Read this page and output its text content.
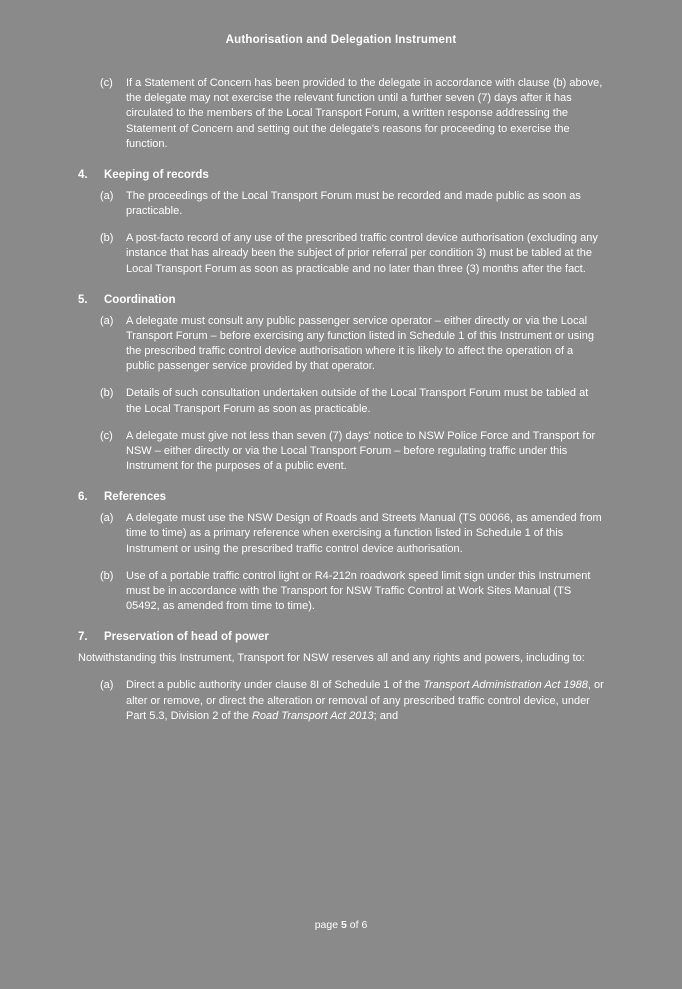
Authorisation and Delegation Instrument
(c)	If a Statement of Concern has been provided to the delegate in accordance with clause (b) above, the delegate may not exercise the relevant function until a further seven (7) days after it has circulated to the members of the Local Transport Forum, a written response addressing the Statement of Concern and setting out the delegate's reasons for proceeding to exercise the function.
4.	Keeping of records
(a)	The proceedings of the Local Transport Forum must be recorded and made public as soon as practicable.
(b)	A post-facto record of any use of the prescribed traffic control device authorisation (excluding any instance that has already been the subject of prior referral per condition 3) must be tabled at the Local Transport Forum as soon as practicable and no later than three (3) months after the fact.
5.	Coordination
(a)	A delegate must consult any public passenger service operator – either directly or via the Local Transport Forum – before exercising any function listed in Schedule 1 of this Instrument or using the prescribed traffic control device authorisation where it is likely to affect the operation of a public passenger service provided by that operator.
(b)	Details of such consultation undertaken outside of the Local Transport Forum must be tabled at the Local Transport Forum as soon as practicable.
(c)	A delegate must give not less than seven (7) days' notice to NSW Police Force and Transport for NSW – either directly or via the Local Transport Forum – before regulating traffic under this Instrument for the purposes of a public event.
6.	References
(a)	A delegate must use the NSW Design of Roads and Streets Manual (TS 00066, as amended from time to time) as a primary reference when exercising a function listed in Schedule 1 of this Instrument or using the prescribed traffic control device authorisation.
(b)	Use of a portable traffic control light or R4-212n roadwork speed limit sign under this Instrument must be in accordance with the Transport for NSW Traffic Control at Work Sites Manual (TS 05492, as amended from time to time).
7.	Preservation of head of power
Notwithstanding this Instrument, Transport for NSW reserves all and any rights and powers, including to:
(a)	Direct a public authority under clause 8I of Schedule 1 of the Transport Administration Act 1988, or alter or remove, or direct the alteration or removal of any prescribed traffic control device, under Part 5.3, Division 2 of the Road Transport Act 2013; and
page 5 of 6
